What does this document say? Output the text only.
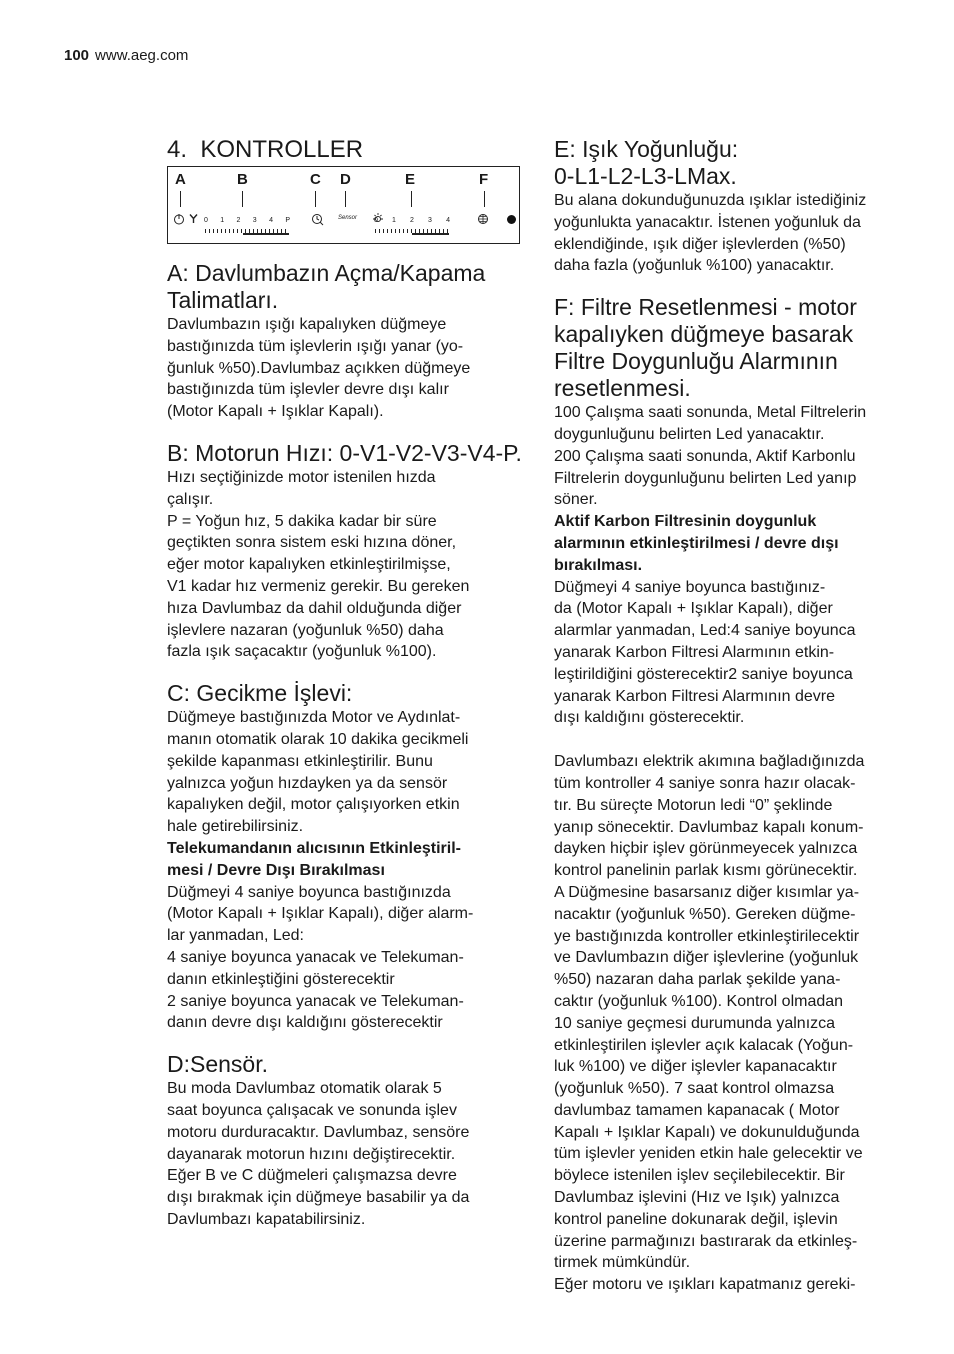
100 www.aeg.com
4. KONTROLLER
A	B	C D	E	F
0 1 2 3 4 P	Sensor 0 1 2 3 4
A: Davlumbazın Açma/Kapama Talimatları.
Davlumbazın ışığı kapalıyken düğmeye
bastığınızda tüm işlevlerin ışığı yanar (yo-
ğunluk %50).Davlumbaz açıkken düğmeye
bastığınızda tüm işlevler devre dışı kalır
(Motor Kapalı + Işıklar Kapalı).
B: Motorun Hızı: 0-V1-V2-V3-V4-P.
Hızı seçtiğinizde motor istenilen hızda
çalışır.
P = Yoğun hız, 5 dakika kadar bir süre
geçtikten sonra sistem eski hızına döner,
eğer motor kapalıyken etkinleştirilmişse,
V1 kadar hız vermeniz gerekir. Bu gereken
hıza Davlumbaz da dahil olduğunda diğer
işlevlere nazaran (yoğunluk %50) daha
fazla ışık saçacaktır (yoğunluk %100).
C: Gecikme İşlevi:
Düğmeye bastığınızda Motor ve Aydınlat-
manın otomatik olarak 10 dakika gecikmeli
şekilde kapanması etkinleştirilir. Bunu
yalnızca yoğun hızdayken ya da sensör
kapalıyken değil, motor çalışıyorken etkin
hale getirebilirsiniz.
Telekumandanın alıcısının Etkinleştiril-
mesi / Devre Dışı Bırakılması
Düğmeyi 4 saniye boyunca bastığınızda
(Motor Kapalı + Işıklar Kapalı), diğer alarm-
lar yanmadan, Led:
4 saniye boyunca yanacak ve Telekuman-
danın etkinleştiğini gösterecektir
2 saniye boyunca yanacak ve Telekuman-
danın devre dışı kaldığını gösterecektir
D:Sensör.
Bu moda Davlumbaz otomatik olarak 5
saat boyunca çalışacak ve sonunda işlev
motoru durduracaktır. Davlumbaz, sensöre
dayanarak motorun hızını değiştirecektir.
Eğer B ve C düğmeleri çalışmazsa devre
dışı bırakmak için düğmeye basabilir ya da
Davlumbazı kapatabilirsiniz.
E: Işık Yoğunluğu:
0-L1-L2-L3-LMax.
Bu alana dokunduğunuzda ışıklar istediğiniz
yoğunlukta yanacaktır. İstenen yoğunluk da
eklendiğinde, ışık diğer işlevlerden (%50)
daha fazla (yoğunluk %100) yanacaktır.
F: Filtre Resetlenmesi - motor
kapalıyken düğmeye basarak
Filtre Doygunluğu Alarmının
resetlenmesi.
100 Çalışma saati sonunda, Metal Filtrelerin
doygunluğunu belirten Led yanacaktır.
200 Çalışma saati sonunda, Aktif Karbonlu
Filtrelerin doygunluğunu belirten Led yanıp
söner.
Aktif Karbon Filtresinin doygunluk
alarmının etkinleştirilmesi / devre dışı
bırakılması.
Düğmeyi 4 saniye boyunca bastığınız-
da (Motor Kapalı + Işıklar Kapalı), diğer
alarmlar yanmadan, Led:4 saniye boyunca
yanarak Karbon Filtresi Alarmının etkin-
leştirildiğini gösterecektir2 saniye boyunca
yanarak Karbon Filtresi Alarmının devre
dışı kaldığını gösterecektir.
Davlumbazı elektrik akımına bağladığınızda
tüm kontroller 4 saniye sonra hazır olacak-
tır. Bu süreçte Motorun ledi “0” şeklinde
yanıp sönecektir. Davlumbaz kapalı konum-
dayken hiçbir işlev görünmeyecek yalnızca
kontrol panelinin parlak kısmı görünecektir.
A Düğmesine basarsanız diğer kısımlar ya-
nacaktır (yoğunluk %50). Gereken düğme-
ye bastığınızda kontroller etkinleştirilecektir
ve Davlumbazın diğer işlevlerine (yoğunluk
%50) nazaran daha parlak şekilde yana-
caktır (yoğunluk %100). Kontrol olmadan
10 saniye geçmesi durumunda yalnızca
etkinleştirilen işlevler açık kalacak (Yoğun-
luk %100) ve diğer işlevler kapanacaktır
(yoğunluk %50). 7 saat kontrol olmazsa
davlumbaz tamamen kapanacak ( Motor
Kapalı + Işıklar Kapalı) ve dokunulduğunda
tüm işlevler yeniden etkin hale gelecektir ve
böylece istenilen işlev seçilebilecektir. Bir
Davlumbaz işlevini (Hız ve Işık) yalnızca
kontrol paneline dokunarak değil, işlevin
üzerine parmağınızı bastırarak da etkinleş-
tirmek mümkündür.
Eğer motoru ve ışıkları kapatmanız gereki-
